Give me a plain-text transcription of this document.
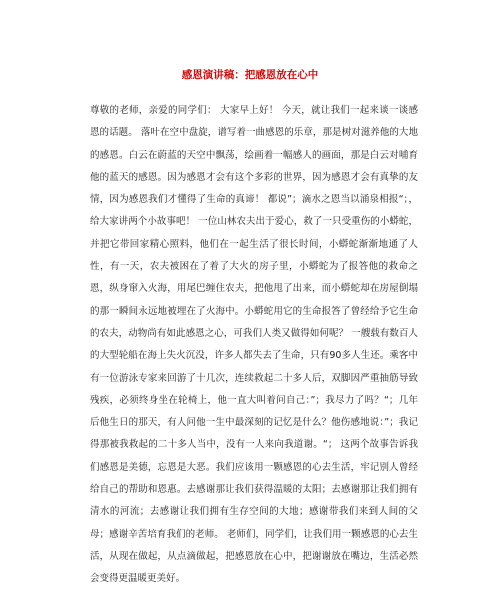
感恩演讲稿：把感恩放在心中

尊敬的老师，亲爱的同学们： 大家早上好！ 今天，就让我们一起来谈一谈感恩的话题。 落叶在空中盘旋，谱写着一曲感恩的乐章，那是树对滋养他的大地的感恩。白云在蔚蓝的天空中飘荡，绘画着一幅感人的画面，那是白云对哺育他的蓝天的感恩。因为感恩才会有这个多彩的世界，因为感恩才会有真挚的友情，因为感恩我们才懂得了生命的真谛！ 都说”；滴水之恩当以涌泉相报“；，给大家讲两个小故事吧！ 一位山林农夫出于爱心，救了一只受重伤的小蟒蛇，并把它带回家精心照料，他们在一起生活了很长时间，小蟒蛇渐渐地通了人性，有一天，农夫被困在了着了大火的房子里，小蟒蛇为了报答他的救命之恩，纵身窜入火海，用尾巴缠住农夫，把他甩了出来，而小蟒蛇却在房屋倒塌的那一瞬间永远地被埋在了火海中。小蟒蛇用它的生命报答了曾经给予它生命的农夫，动物尚有如此感恩之心，可我们人类又做得如何呢？ 一艘载有数百人的大型轮船在海上失火沉没，许多人都失去了生命，只有90多人生还。乘客中有一位游泳专家来回游了十几次，连续救起二十多人后，双脚因严重抽筋导致残疾，必须终身坐在轮椅上，他一直大叫着问自己：”；我尽力了吗？“；几年后他生日的那天，有人问他一生中最深刻的记忆是什么？他伤感地说：”；我记得那被我救起的二十多人当中，没有一人来向我道谢。“； 这两个故事告诉我们感恩是美德，忘恩是大恶。我们应该用一颗感恩的心去生活，牢记别人曾经给自己的帮助和恩惠。去感谢那让我们获得温暖的太阳；去感谢那让我们拥有清水的河流；去感谢让我们拥有生存空间的大地；感谢带我们来到人间的父母；感谢辛苦培育我们的老师。 老师们，同学们，让我们用一颗感恩的心去生活，从现在做起，从点滴做起，把感恩放在心中，把谢谢放在嘴边，生活必然会变得更温暖更美好。
